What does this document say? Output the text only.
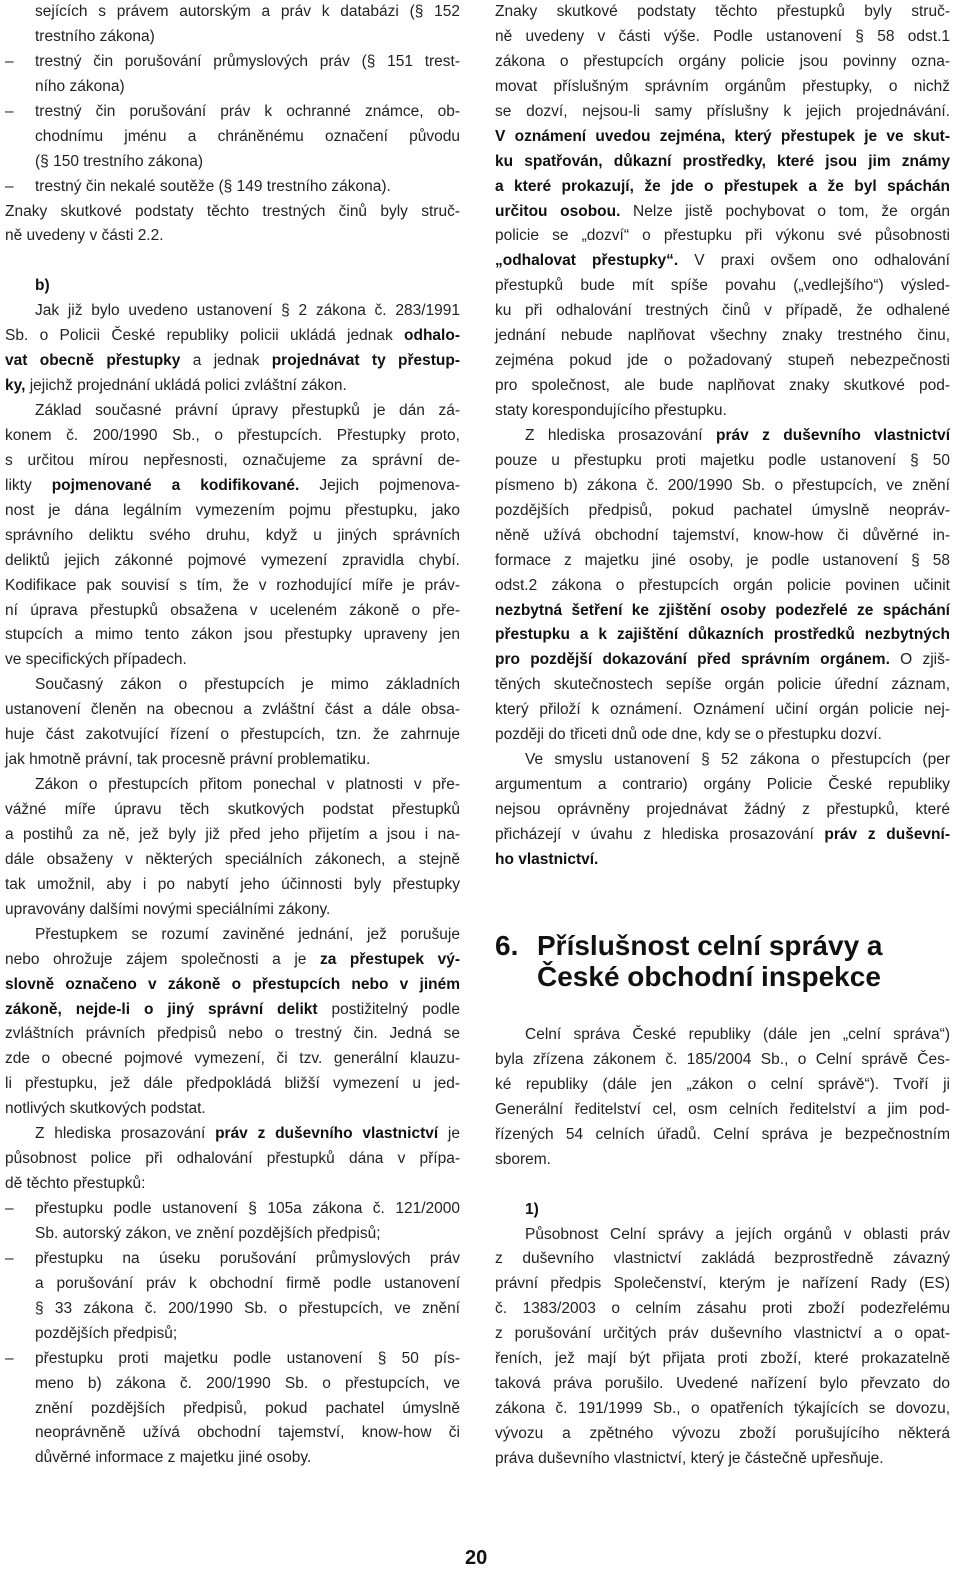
sejících s právem autorským a práv k databázi (§ 152
trestního zákona)
– trestný čin porušování průmyslových práv (§ 151 trest-
ního zákona)
– trestný čin porušování práv k ochranné známce, ob-
chodnímu jménu a chráněnému označení původu
(§ 150 trestního zákona)
– trestný čin nekalé soutěže (§ 149 trestního zákona).
Znaky skutkové podstaty těchto trestných činů byly struč-
ně uvedeny v části 2.2.
b)
Jak již bylo uvedeno ustanovení § 2 zákona č. 283/1991
Sb. o Policii České republiky policii ukládá jednak odhalo-
vat obecně přestupky a jednak projednávat ty přestup-
ky, jejichž projednání ukládá polici zvláštní zákon.
Základ současné právní úpravy přestupků je dán zá-
konem č. 200/1990 Sb., o přestupcích. Přestupky proto,
s určitou mírou nepřesnosti, označujeme za správní de-
likty pojmenované a kodifikované. Jejich pojmenova-
nost je dána legálním vymezením pojmu přestupku, jako
správního deliktu svého druhu, když u jiných správních
deliktů jejich zákonné pojmové vymezení zpravidla chybí.
Kodifikace pak souvisí s tím, že v rozhodující míře je práv-
ní úprava přestupků obsažena v uceleném zákoně o pře-
stupcích a mimo tento zákon jsou přestupky upraveny jen
ve specifických případech.
Současný zákon o přestupcích je mimo základních
ustanovení členěn na obecnou a zvláštní část a dále obsa-
huje část zakotvující řízení o přestupcích, tzn. že zahrnuje
jak hmotně právní, tak procesně právní problematiku.
Zákon o přestupcích přitom ponechal v platnosti v pře-
vážné míře úpravu těch skutkových podstat přestupků
a postihů za ně, jež byly již před jeho přijetím a jsou i na-
dále obsaženy v některých speciálních zákonech, a stejně
tak umožnil, aby i po nabytí jeho účinnosti byly přestupky
upravovány dalšími novými speciálními zákony.
Přestupkem se rozumí zaviněné jednání, jež porušuje
nebo ohrožuje zájem společnosti a je za přestupek vý-
slovně označeno v zákoně o přestupcích nebo v jiném
zákoně, nejde-li o jiný správní delikt postižitelný podle
zvláštních právních předpisů nebo o trestný čin. Jedná se
zde o obecné pojmové vymezení, či tzv. generální klauzu-
li přestupku, jež dále předpokládá bližší vymezení u jed-
notlivých skutkových podstat.
Z hlediska prosazování práv z duševního vlastnictví je
působnost police při odhalování přestupků dána v přípa-
dě těchto přestupků:
– přestupku podle ustanovení § 105a zákona č. 121/2000
Sb. autorský zákon, ve znění pozdějších předpisů;
– přestupku na úseku porušování průmyslových práv
a porušování práv k obchodní firmě podle ustanovení
§ 33 zákona č. 200/1990 Sb. o přestupcích, ve znění
pozdějších předpisů;
– přestupku proti majetku podle ustanovení § 50 pís-
meno b) zákona č. 200/1990 Sb. o přestupcích, ve
znění pozdějších předpisů, pokud pachatel úmyslně
neoprávněně užívá obchodní tajemství, know-how či
důvěrné informace z majetku jiné osoby.
Znaky skutkové podstaty těchto přestupků byly struč-
ně uvedeny v části výše. Podle ustanovení § 58 odst.1
zákona o přestupcích orgány policie jsou povinny ozna-
movat příslušným správním orgánům přestupky, o nichž
se dozví, nejsou-li samy příslušny k jejich projednávání.
V oznámení uvedou zejména, který přestupek je ve skut-
ku spatřován, důkazní prostředky, které jsou jim známy
a které prokazují, že jde o přestupek a že byl spáchán
určitou osobou. Nelze jistě pochybovat o tom, že orgán
policie se „dozví“ o přestupku při výkonu své působnosti
„odhalovat přestupky“. V praxi ovšem ono odhalování
přestupků bude mít spíše povahu („vedlejšího“) výsled-
ku při odhalování trestných činů v případě, že odhalené
jednání nebude naplňovat všechny znaky trestného činu,
zejména pokud jde o požadovaný stupeň nebezpečnosti
pro společnost, ale bude naplňovat znaky skutkové pod-
staty korespondujícího přestupku.
Z hlediska prosazování práv z duševního vlastnictví
pouze u přestupku proti majetku podle ustanovení § 50
písmeno b) zákona č. 200/1990 Sb. o přestupcích, ve znění
pozdějších předpisů, pokud pachatel úmyslně neopráv-
něně užívá obchodní tajemství, know-how či důvěrné in-
formace z majetku jiné osoby, je podle ustanovení § 58
odst.2 zákona o přestupcích orgán policie povinen učinit
nezbytná šetření ke zjištění osoby podezřelé ze spáchání
přestupku a k zajištění důkazních prostředků nezbytných
pro pozdější dokazování před správním orgánem. O zjiš-
těných skutečnostech sepíše orgán policie úřední záznam,
který přiloží k oznámení. Oznámení učiní orgán policie nej-
později do třiceti dnů ode dne, kdy se o přestupku dozví.
Ve smyslu ustanovení § 52 zákona o přestupcích (per
argumentum a contrario) orgány Policie České republiky
nejsou oprávněny projednávat žádný z přestupků, které
přicházejí v úvahu z hlediska prosazování práv z duševní-
ho vlastnictví.
6. Příslušnost celní správy a
České obchodní inspekce
Celní správa České republiky (dále jen „celní správa“)
byla zřízena zákonem č. 185/2004 Sb., o Celní správě Čes-
ké republiky (dále jen „zákon o celní správě“). Tvoří ji
Generální ředitelství cel, osm celních ředitelství a jim pod-
řízených 54 celních úřadů. Celní správa je bezpečnostním
sborem.
1)
Působnost Celní správy a jejích orgánů v oblasti práv
z duševního vlastnictví zakládá bezprostředně závazný
právní předpis Společenství, kterým je nařízení Rady (ES)
č. 1383/2003 o celním zásahu proti zboží podezřelému
z porušování určitých práv duševního vlastnictví a o opat-
řeních, jež mají být přijata proti zboží, které prokazatelně
taková práva porušilo. Uvedené nařízení bylo převzato do
zákona č. 191/1999 Sb., o opatřeních týkajících se dovozu,
vývozu a zpětného vývozu zboží porušujícího některá
práva duševního vlastnictví, který je částečně upřesňuje.
20
